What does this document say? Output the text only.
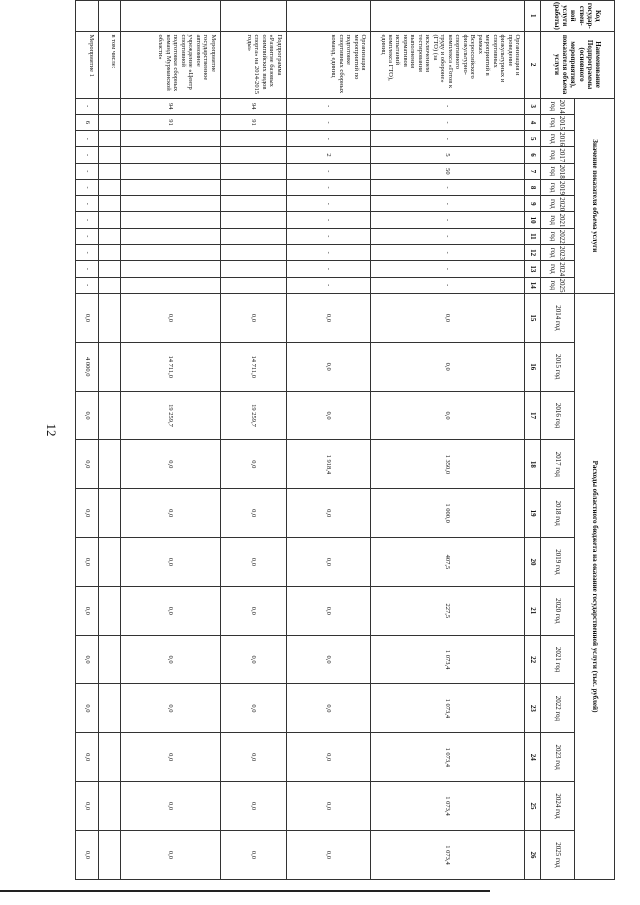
12
Код государ-ствен-ной услуги (работы)	Наименование Подпрограммы (основного мероприятия), показателя объема услуги	Значение показателя объема услуги												Расходы областного бюджета на оказание государственной услуги (тыс. рублей)											
		2014 год	2015 год	2016 год	2017 год	2018 год	2019 год	2020 год	2021 год	2022 год	2023 год	2024 год	2025 год	2014 год	2015 год	2016 год	2017 год	2018 год	2019 год	2020 год	2021 год	2022 год	2023 год	2024 год	2025 год
1	2	3	4	5	6	7	8	9	10	11	12	13	14	15	16	17	18	19	20	21	22	23	24	25	26
	Организация и проведение физкультурных и спортивных мероприятий в рамках Всероссийского физкультурно-спортивного комплекса «Готов к труду и обороне» (ГТО) (за исключением тестирования выполнения нормативов испытаний комплекса ГТО), единиц	-	-	-	5	50	-	-	-	-	-	-	-	0,0	0,0	0,0	1 350,0	1 000,0	407,5	227,5	1 073,4	1 073,4	1 073,4	1 073,4	1 073,4
	Организация мероприятий по подготовке спортивных сборных команд, единиц	-	-	-	2	-	-	-	-	-	-	-	-	0,0	0,0	0,0	1 918,4	0,0	0,0	0,0	0,0	0,0	0,0	0,0	0,0
	Подпрограмма «Развитие базовых олимпийских видов спорта» на 2014-2015 годы»	94	91											0,0	14 711,0	19 259,7	0,0	0,0	0,0	0,0	0,0	0,0	0,0	0,0	0,0
	Мероприятие государственное автономное учреждение «Центр спортивной подготовки сборных команд Мурманской области»	94	91											0,0	14 711,0	19 259,7	0,0	0,0	0,0	0,0	0,0	0,0	0,0	0,0	0,0
	в том числе:																								
	Мероприятие 1	-	6	-	-	-	-	-	-	-	-	-	-	0,0	4 000,0	0,0	0,0	0,0	0,0	0,0	0,0	0,0	0,0	0,0	0,0
